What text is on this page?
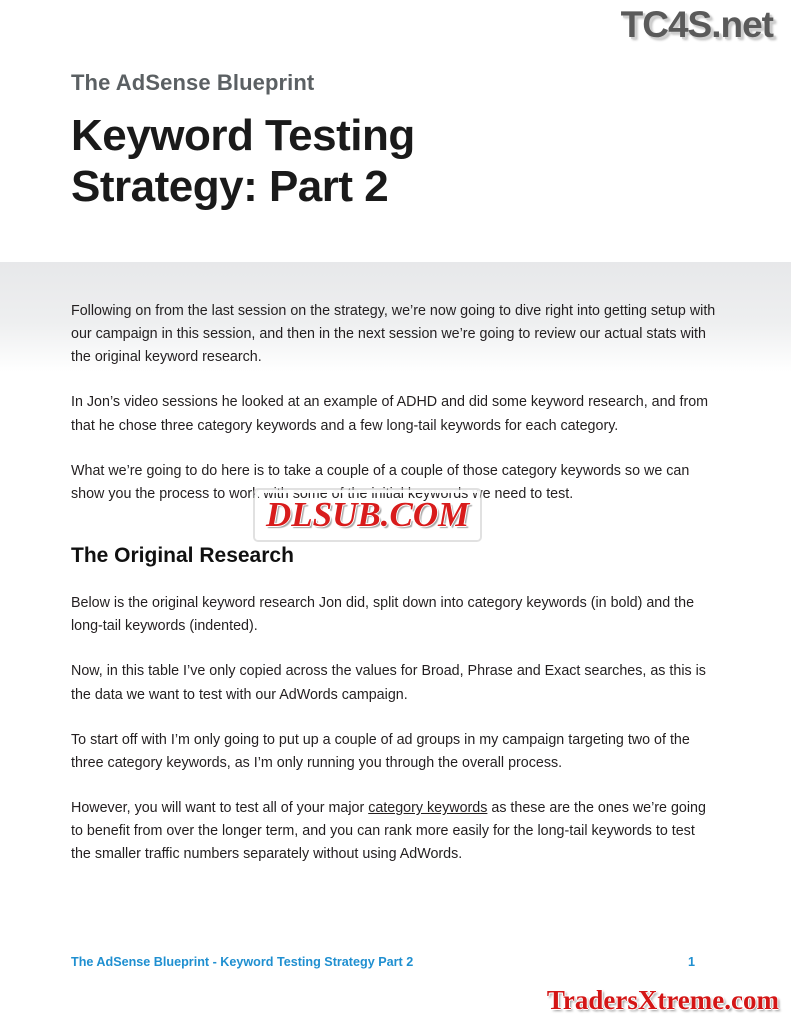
TC4S.net
The AdSense Blueprint
Keyword Testing Strategy: Part 2

Following on from the last session on the strategy, we’re now going to dive right into getting setup with our campaign in this session, and then in the next session we’re going to review our actual stats with the original keyword research.

In Jon’s video sessions he looked at an example of ADHD and did some keyword research, and from that he chose three category keywords and a few long-tail keywords for each category.

What we’re going to do here is to take a couple of a couple of those category keywords so we can show you the process to work with some of the initial keywords we need to test.

The Original Research

Below is the original keyword research Jon did, split down into category keywords (in bold) and the long-tail keywords (indented).

Now, in this table I’ve only copied across the values for Broad, Phrase and Exact searches, as this is the data we want to test with our AdWords campaign.

To start off with I’m only going to put up a couple of ad groups in my campaign targeting two of the three category keywords, as I’m only running you through the overall process.

However, you will want to test all of your major category keywords as these are the ones we’re going to benefit from over the longer term, and you can rank more easily for the long-tail keywords to test the smaller traffic numbers separately without using AdWords.

DLSUB.COM
The AdSense Blueprint - Keyword Testing Strategy Part 2	1
TradersXtreme.com
